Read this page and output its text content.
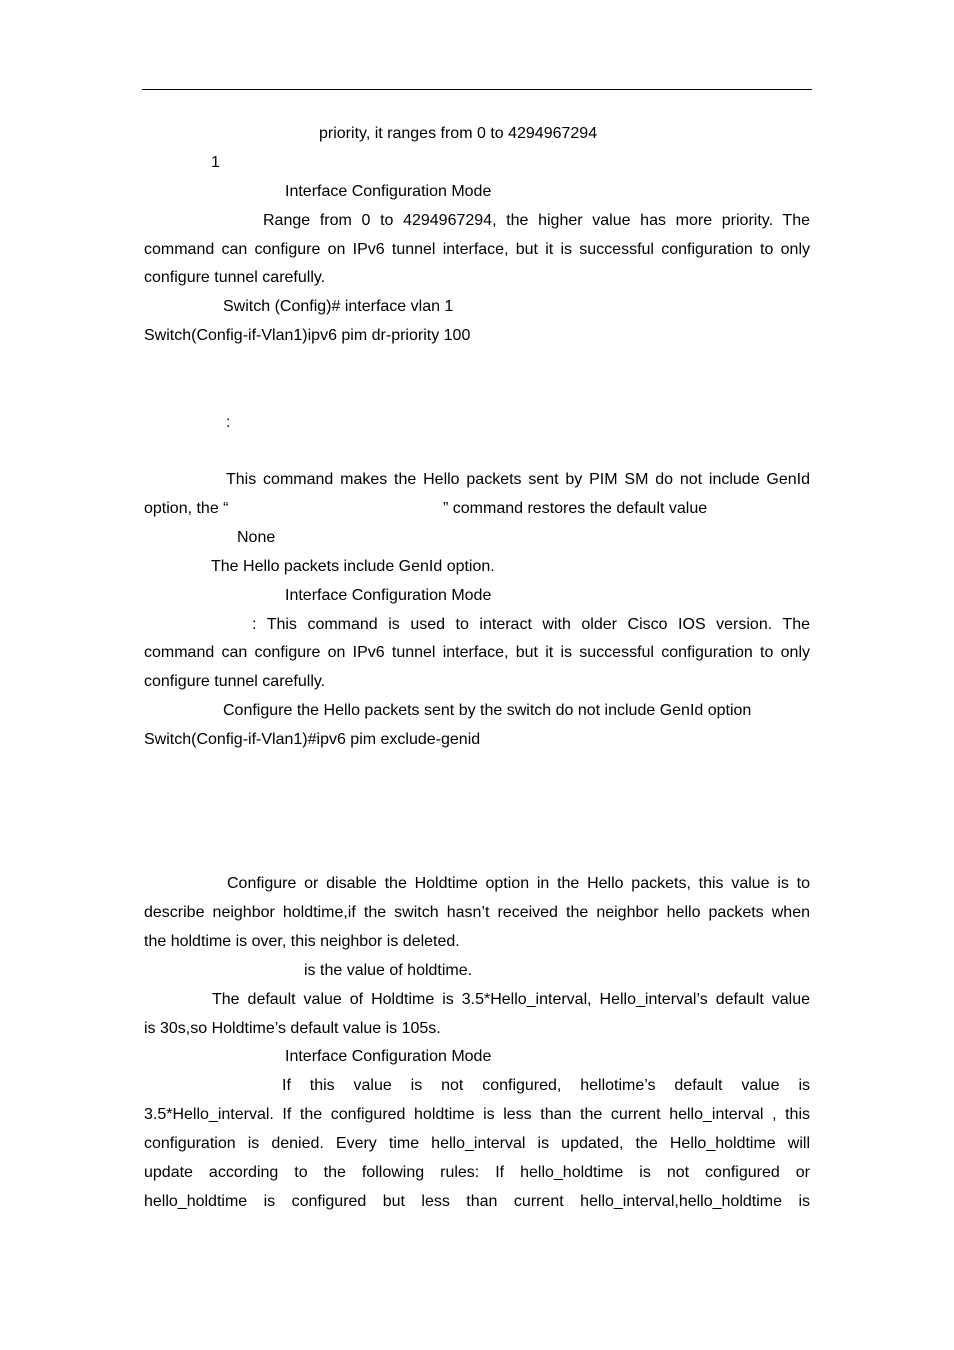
priority, it ranges from 0 to 4294967294
1
Interface Configuration Mode
Range from 0 to 4294967294, the higher value has more priority. The
command can configure on IPv6 tunnel interface, but it is successful configuration to only
configure tunnel carefully.
Switch (Config)# interface vlan 1
Switch(Config-if-Vlan1)ipv6 pim dr-priority 100
:
This command makes the Hello packets sent by PIM SM do not include GenId
option, the “	” command restores the default value
None
The Hello packets include GenId option.
Interface Configuration Mode
: This command is used to interact with older Cisco IOS version. The
command can configure on IPv6 tunnel interface, but it is successful configuration to only
configure tunnel carefully.
Configure the Hello packets sent by the switch do not include GenId option
Switch(Config-if-Vlan1)#ipv6 pim exclude-genid
Configure or disable the Holdtime option in the Hello packets, this value is to
describe neighbor holdtime,if the switch hasn’t received the neighbor hello packets when
the holdtime is over, this neighbor is deleted.
is the value of holdtime.
The default value of Holdtime is 3.5*Hello_interval, Hello_interval’s default value
is 30s,so Holdtime’s default value is 105s.
Interface Configuration Mode
If this value is not configured, hellotime’s default value is
3.5*Hello_interval. If the configured holdtime is less than the current hello_interval , this
configuration is denied. Every time hello_interval is updated, the Hello_holdtime will
update according to the following rules: If hello_holdtime is not configured or
hello_holdtime is configured but less than current hello_interval,hello_holdtime is
